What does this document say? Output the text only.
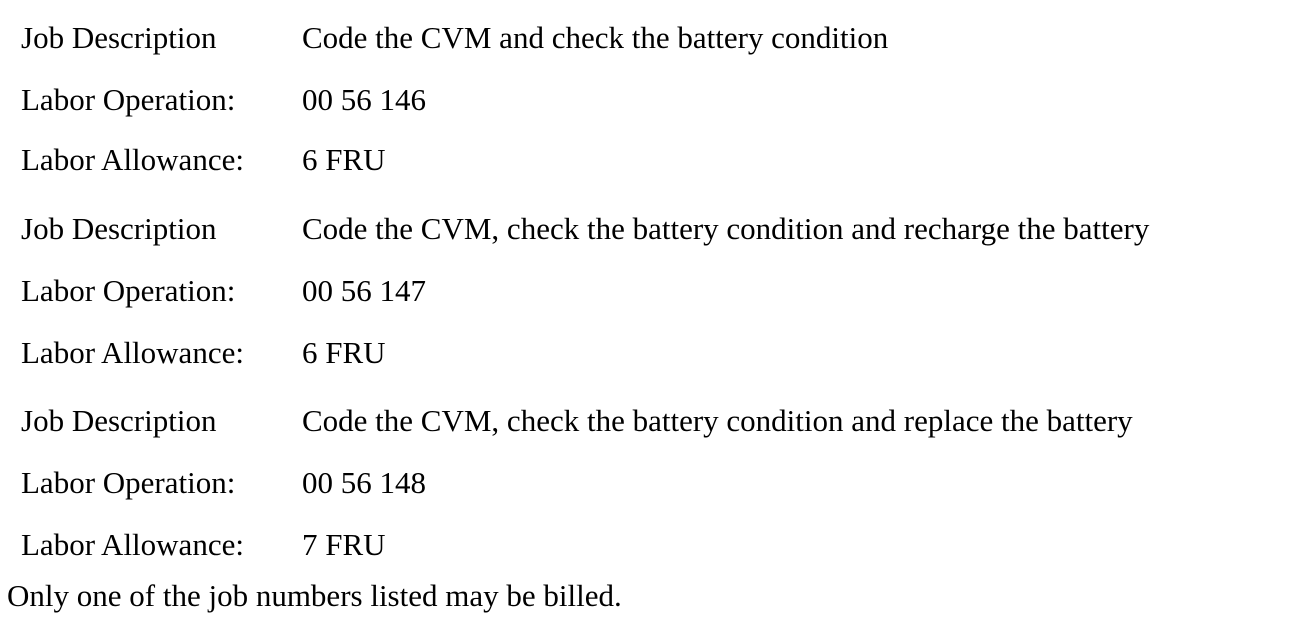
Job Description	Code the CVM and check the battery condition
Labor Operation: 00 56 146
Labor Allowance: 6 FRU
Job Description	Code the CVM, check the battery condition and recharge the battery
Labor Operation: 00 56 147
Labor Allowance: 6 FRU
Job Description	Code the CVM, check the battery condition and replace the battery
Labor Operation: 00 56 148
Labor Allowance: 7 FRU
Only one of the job numbers listed may be billed.
